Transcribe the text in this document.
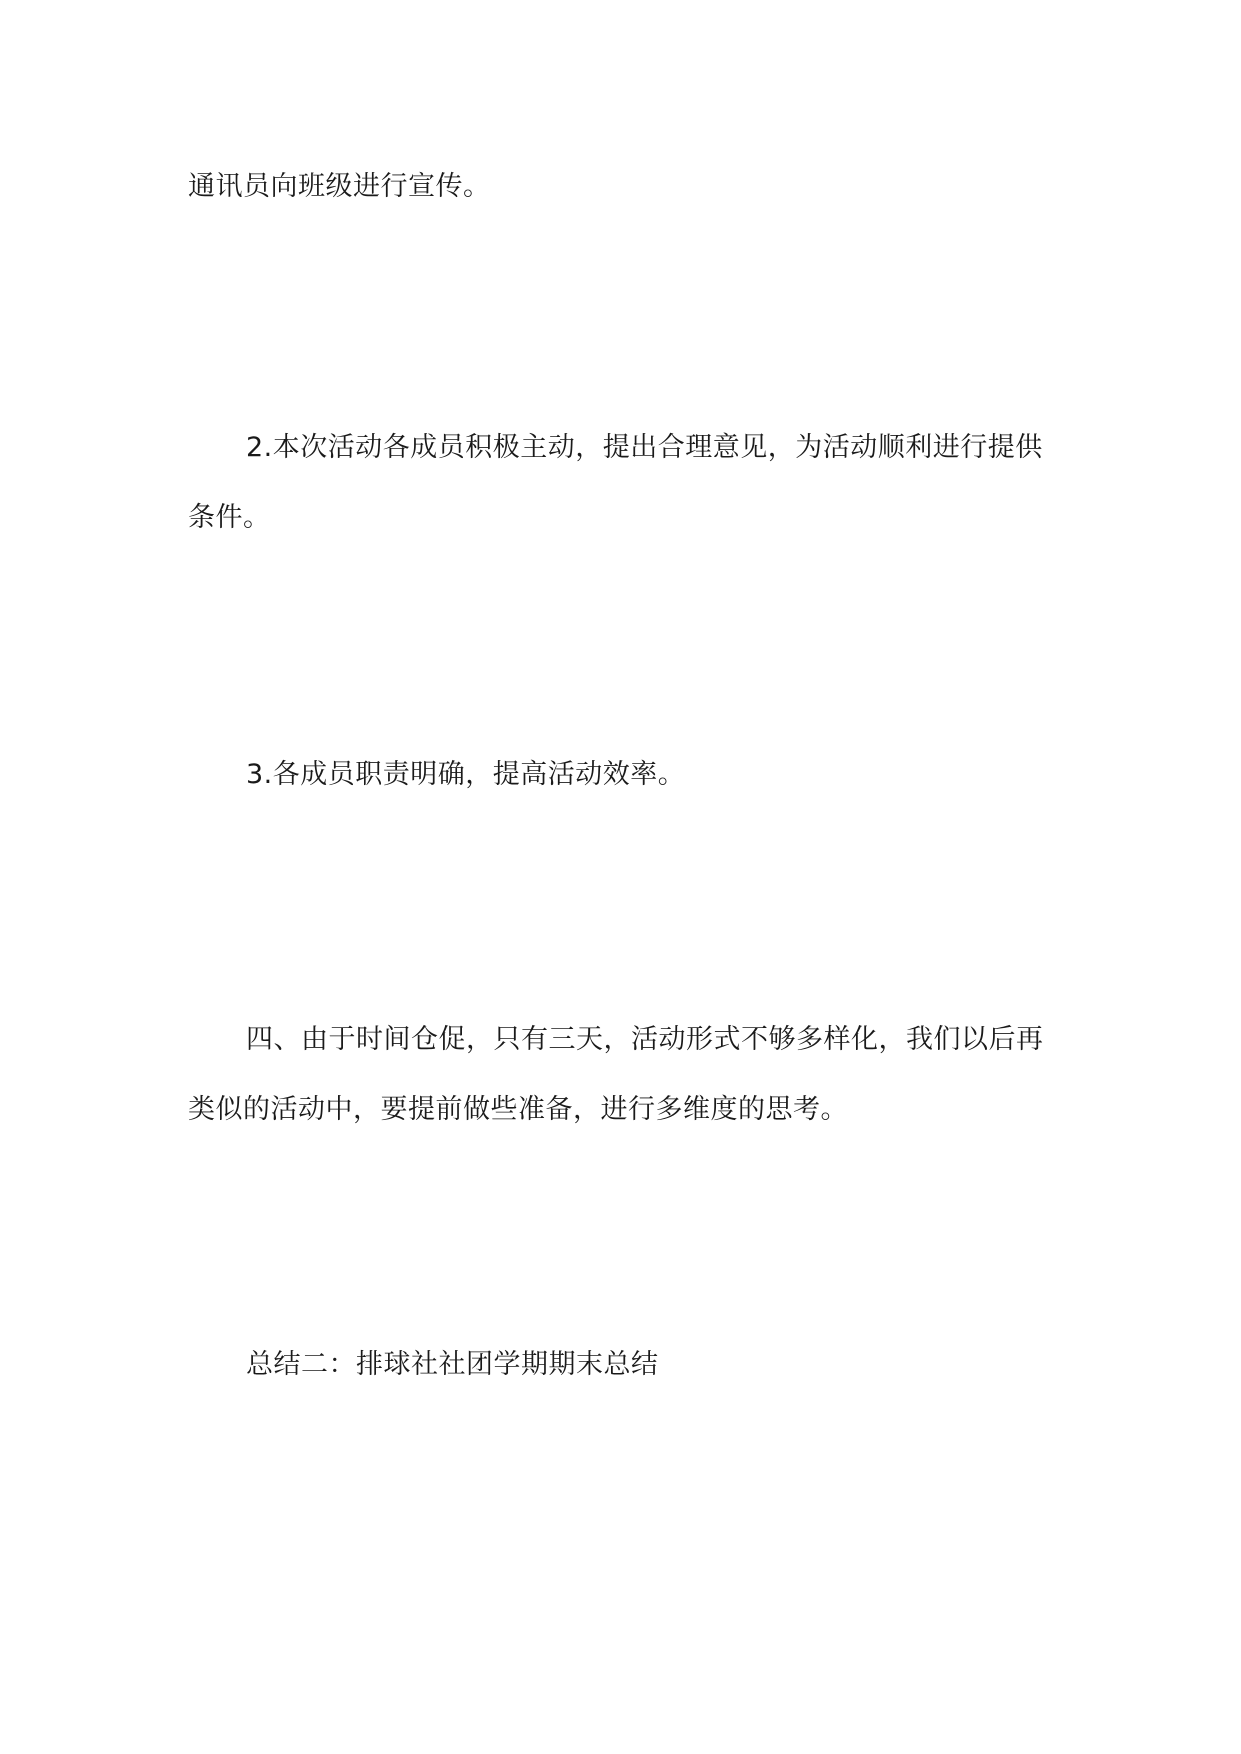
通讯员向班级进行宣传。

2.本次活动各成员积极主动，提出合理意见，为活动顺利进行提供条件。

3.各成员职责明确，提高活动效率。

四、由于时间仓促，只有三天，活动形式不够多样化，我们以后再类似的活动中，要提前做些准备，进行多维度的思考。

总结二：排球社社团学期期末总结
